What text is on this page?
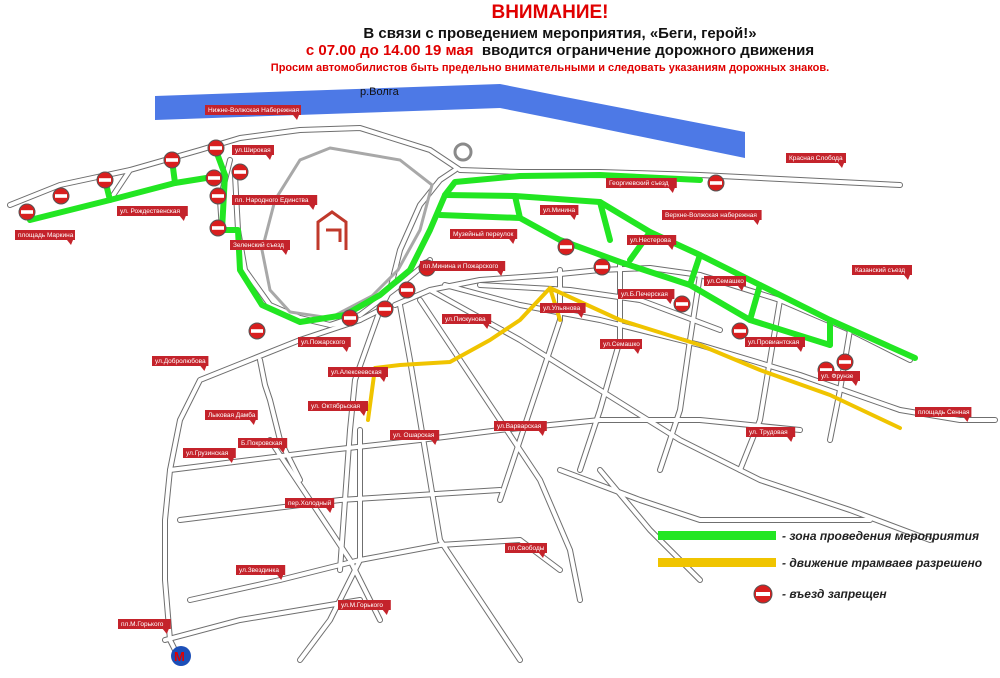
ВНИМАНИЕ!
В связи с проведением мероприятия, «Беги, герой!»
с 07.00 до 14.00 19 мая вводится ограничение дорожного движения
Просим автомобилистов быть предельно внимательными и следовать указаниям дорожных знаков.
р.Волга
Нижне-Волжская Набережная
ул.Широкая
пл. Народного Единства
ул. Рождественская
площадь Маркина
Зеленский съезд
Красная Слобода
Георгиевский съезд
Верхне-Волжская набережная
ул.Минина
Музейный переулок
ул.Нестерова
пл.Минина и Пожарского
Казанский съезд
ул.Семашко
ул.Б.Печерская
ул.Ульянова
ул.Пискунова
ул.Провиантская
ул.Семашко
ул. Фрунзе
ул.Пожарского
ул.Добролюбова
ул.Алексеевская
площадь Сенная
Лыковая Дамба
ул. Октябрьская
ул. Трудовая
ул.Варварская
Б.Покровская
ул. Ошарская
ул.Грузинская
пер.Холодный
пл.Свободы
ул.Звездинка
ул.М.Горького
пл.М.Горького
М
- зона проведения мероприятия
- движение трамваев разрешено
- въезд запрещен
